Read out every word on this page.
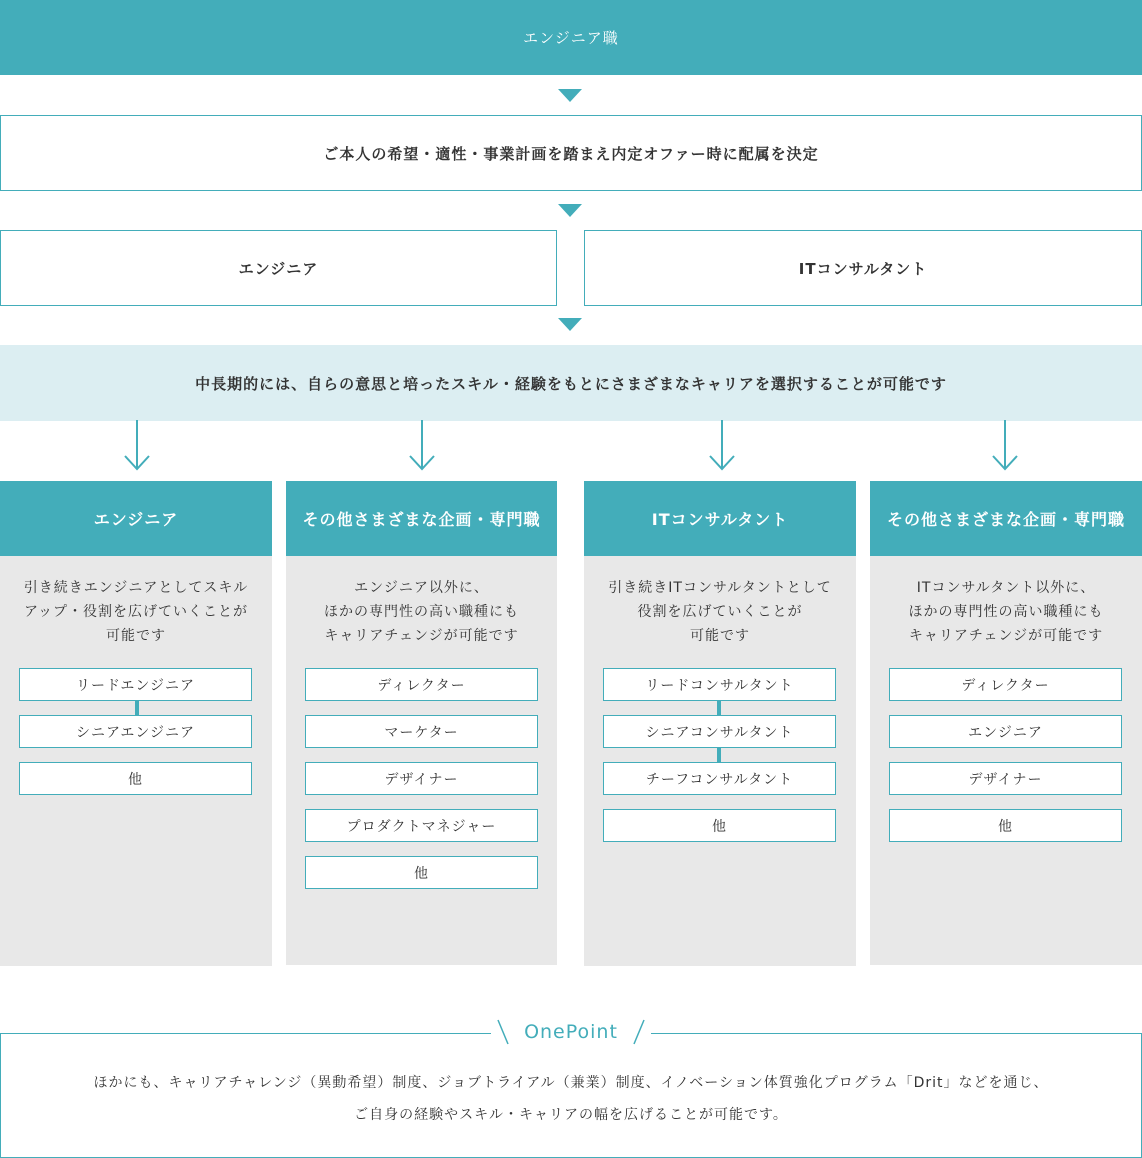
エンジニア職
ご本人の希望・適性・事業計画を踏まえ内定オファー時に配属を決定
エンジニア	ITコンサルタント
中長期的には、自らの意思と培ったスキル・経験をもとにさまざまなキャリアを選択することが可能です
エンジニア
引き続きエンジニアとしてスキル
アップ・役割を広げていくことが
可能です
リードエンジニア
シニアエンジニア
他
その他さまざまな企画・専門職
エンジニア以外に、
ほかの専門性の高い職種にも
キャリアチェンジが可能です
ディレクター
マーケター
デザイナー
プロダクトマネジャー
他
ITコンサルタント
引き続きITコンサルタントとして
役割を広げていくことが
可能です
リードコンサルタント
シニアコンサルタント
チーフコンサルタント
他
その他さまざまな企画・専門職
ITコンサルタント以外に、
ほかの専門性の高い職種にも
キャリアチェンジが可能です
ディレクター
エンジニア
デザイナー
他
OnePoint
ほかにも、キャリアチャレンジ（異動希望）制度、ジョブトライアル（兼業）制度、イノベーション体質強化プログラム「Drit」などを通じ、
ご自身の経験やスキル・キャリアの幅を広げることが可能です。
